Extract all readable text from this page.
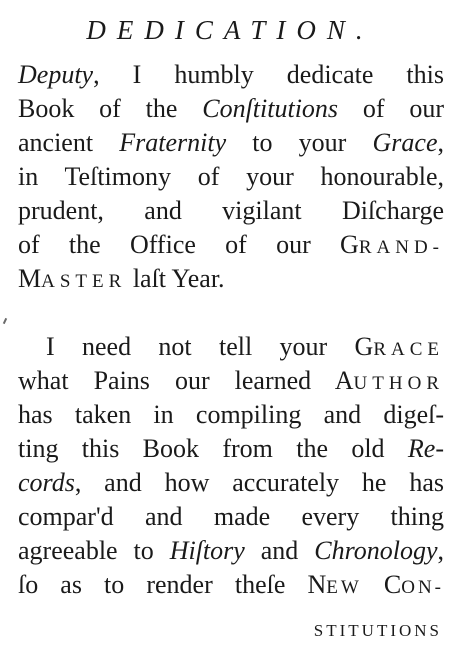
DEDICATION.
Deputy, I humbly dedicate this
Book of the Conſtitutions of our
ancient Fraternity to your Grace,
in Teſtimony of your honourable,
prudent, and vigilant Diſcharge
of the Office of our GRAND-
MASTER laſt Year.
I need not tell your GRACE
what Pains our learned AUTHOR
has taken in compiling and digeſ-
ting this Book from the old Re-
cords, and how accurately he has
compar'd and made every thing
agreeable to Hiſtory and Chronology,
ſo as to render theſe NEW CON-
STITUTIONS
